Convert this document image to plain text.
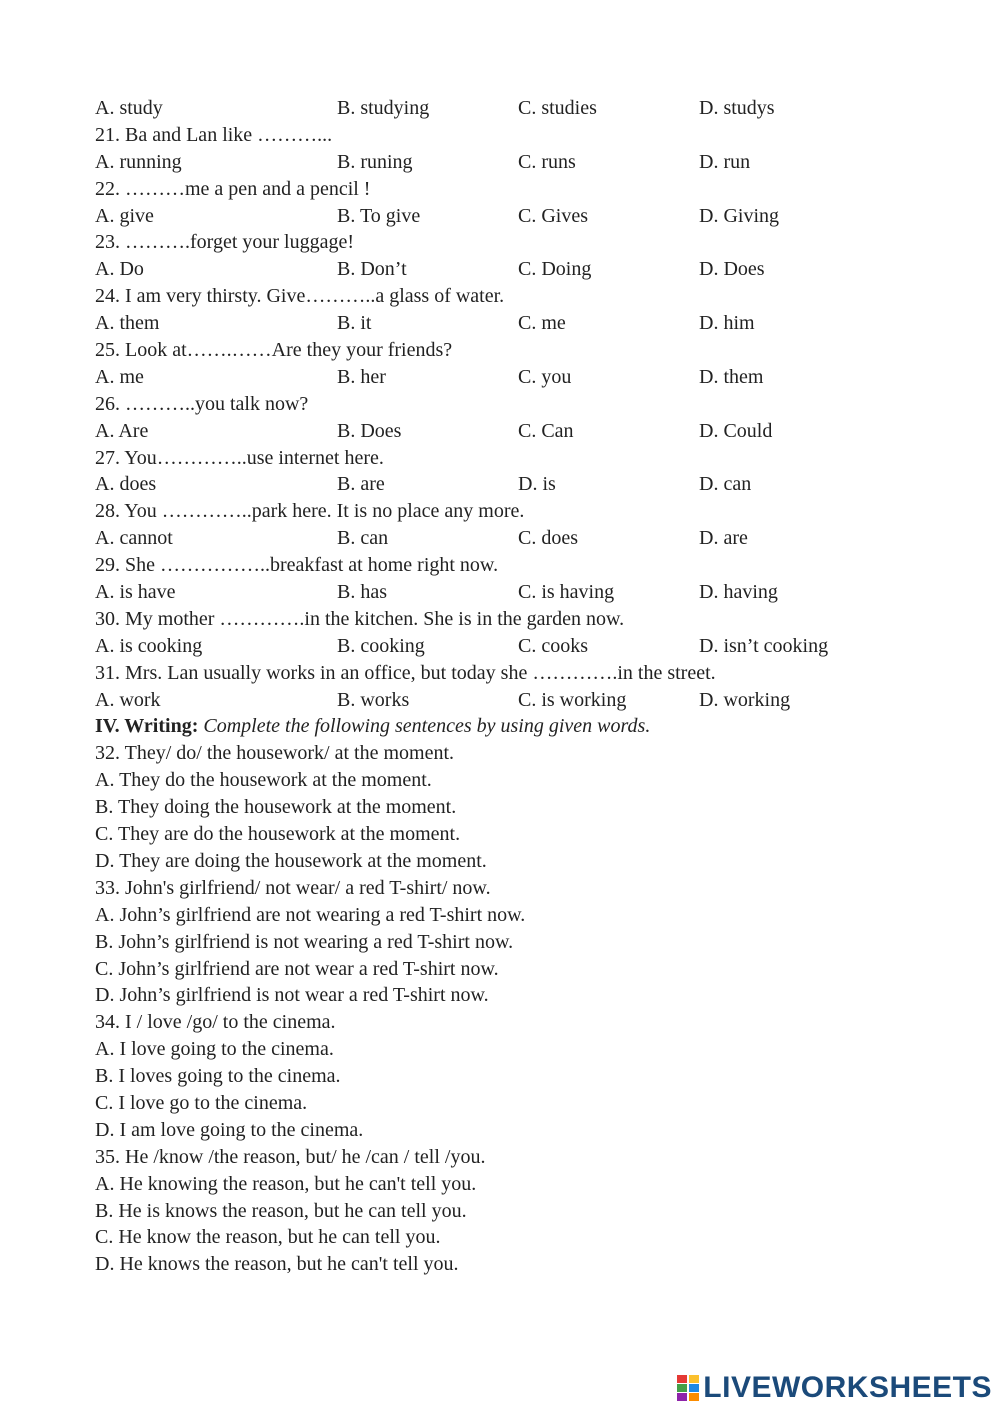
A. study	B. studying	C. studies	D. studys
21. Ba and Lan like ………...
A. running	B. runing	C. runs	D. run
22. ………me a pen and a pencil !
A. give	B. To give	C. Gives	D. Giving
23. ……….forget your luggage!
A. Do	B. Don’t	C. Doing	D. Does
24. I am very thirsty. Give………..a glass of water.
A. them	B. it	C. me	D. him
25. Look at…….……Are they your friends?
A. me	B. her	C. you	D. them
26. ………..you talk now?
A. Are	B. Does	C. Can	D. Could
27. You…………..use internet here.
A. does	B. are	D. is	D. can
28. You …………..park here. It is no place any more.
A. cannot	B. can	C. does	D. are
29. She ……………..breakfast at home right now.
A. is have	B. has	C. is having	D. having
30. My mother ………….in the kitchen. She is in the garden now.
A. is cooking	B. cooking	C. cooks	D. isn’t cooking
31. Mrs. Lan usually works in an office, but today she ………….in the street.
A. work	B. works	C. is working	D. working
IV. Writing: Complete the following sentences by using given words.
32. They/ do/ the housework/ at the moment.
A. They do the housework at the moment.
B. They doing the housework at the moment.
C. They are do the housework at the moment.
D. They are doing the housework at the moment.
33. John's girlfriend/ not wear/ a red T-shirt/ now.
A. John’s girlfriend are not wearing a red T-shirt now.
B. John’s girlfriend is not wearing a red T-shirt now.
C. John’s girlfriend are not wear a red T-shirt now.
D. John’s girlfriend is not wear a red T-shirt now.
34. I / love /go/ to the cinema.
A. I love going to the cinema.
B. I loves going to the cinema.
C. I love go to the cinema.
D. I am love going to the cinema.
35. He /know /the reason, but/ he /can / tell /you.
A. He knowing the reason, but he can't tell you.
B. He is knows the reason, but he can tell you.
C. He know the reason, but he can tell you.
D. He knows the reason, but he can't tell you.
LIVEWORKSHEETS
